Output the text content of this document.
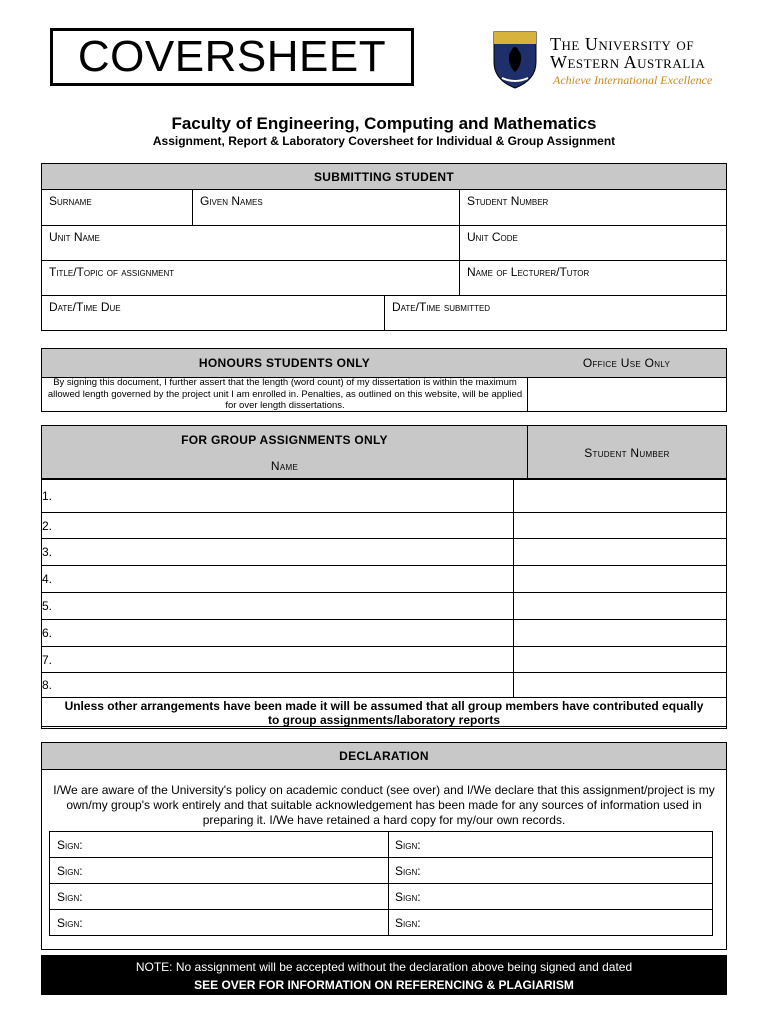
COVERSHEET	The University of
Western Australia
Achieve International Excellence
Faculty of Engineering, Computing and Mathematics
Assignment, Report & Laboratory Coversheet for Individual & Group Assignment
SUBMITTING STUDENT
Surname	Given Names	Student Number
Unit Name	Unit Code
Title/Topic of assignment	Name of Lecturer/Tutor
Date/Time Due	Date/Time submitted
HONOURS STUDENTS ONLY	Office Use Only
By signing this document, I further assert that the length (word count) of my dissertation is within the maximum allowed length governed by the project unit I am enrolled in. Penalties, as outlined on this website, will be applied for over length dissertations.
FOR GROUP ASSIGNMENTS ONLY
Name
Student Number
1.	
2.	
3.	
4.	
5.	
6.	
7.	
8.	
Unless other arrangements have been made it will be assumed that all group members have contributed equally to group assignments/laboratory reports	
DECLARATION
I/We are aware of the University's policy on academic conduct (see over) and I/We declare that this assignment/project is my own/my group's work entirely and that suitable acknowledgement has been made for any sources of information used in preparing it. I/We have retained a hard copy for my/our own records.
Sign:	Sign:
Sign:	Sign:
Sign:	Sign:
Sign:	Sign:
NOTE: No assignment will be accepted without the declaration above being signed and dated
SEE OVER FOR INFORMATION ON REFERENCING & PLAGIARISM
